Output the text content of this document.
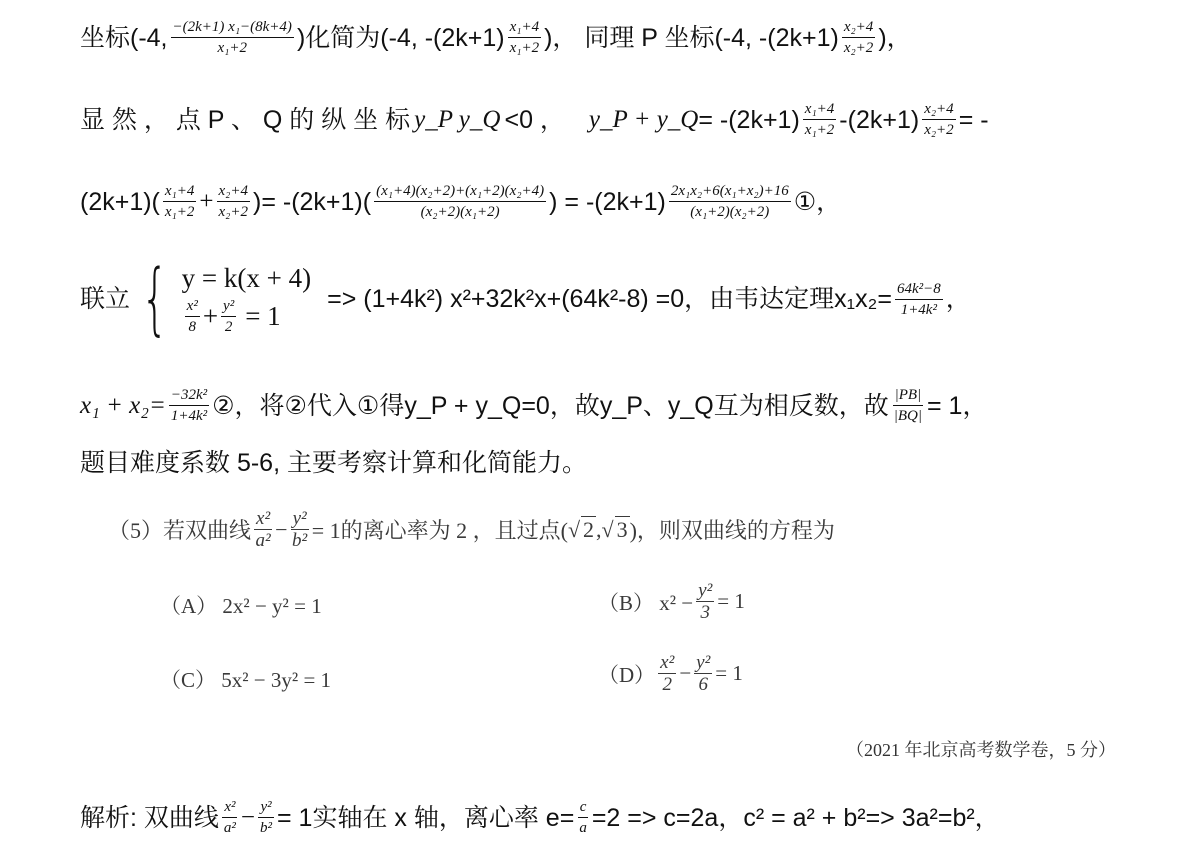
坐标(-4, $\frac{\text{−(2k+1) x₁−(8k+4)}}{\text{x₁+2}}$ )化简为(-4, $-(2k+1) \frac{\text{x₁+4}}{\text{x₁+2}}$ )， 同理 P 坐标(-4, $-(2k+1) \frac{\text{x₂+4}}{\text{x₂+2}}$ )，
显 然 ， 点 P 、 Q 的 纵 坐 标 y_P y_Q <0 ， y_P + y_Q = $-(2k+1) \frac{\text{x₁+4}}{\text{x₁+2}} -(2k+1) \frac{\text{x₂+4}}{\text{x₂+2}}$ = -
$(2k+1)( \frac{\text{x₁+4}}{\text{x₁+2}} + \frac{\text{x₂+4}}{\text{x₂+2}}$ )= $-(2k+1)( \frac{\text{(x₁+4)(x₂+2)+(x₁+2)(x₂+4)}}{\text{(x₂+2)(x₁+2)}}$ ) = $-(2k+1) \frac{\text{2x₁x₂+6(x₁+x₂)+16}}{\text{(x₁+2)(x₂+2)}}$ ①，
联立 { y = k(x + 4)
$\frac{\text{x²}}{8} + \frac{\text{y²}}{2} = 1$
=> (1+4k²) x²+32k²x+(64k²-8) =0，由韦达定理$x_1x_2= \frac{\text{64k²−8}}{\text{1+4k²}}$ ，
$x_1 + x_2= \frac{\text{−32k²}}{\text{1+4k²}}$ ②，将②代入①得y_P + y_Q=0，故y_P、y_Q互为相反数，故 $\frac{|PB|}{|BQ|} = 1$，
题目难度系数 5-6, 主要考察计算和化简能力。
（5）若双曲线 $\frac{\text{x²}}{\text{a²}} - \frac{\text{y²}}{\text{b²}} = 1$的离心率为 2 ，且过点( √ 2 , √ 3 )，则双曲线的方程为
（A） 2x² − y² = 1	（B） $x^2 - \frac{\text{y²}}{3} = 1$
（C） 5x² − 3y² = 1	$(D) \frac{\text{x²}}{2} - \frac{\text{y²}}{6} = 1$
（2021 年北京高考数学卷，5 分）
解析: 双曲线 $\frac{\text{x²}}{\text{a²}} - \frac{\text{y²}}{\text{b²}} = 1$实轴在 x 轴，离心率 $e= \frac{c}{a} =2 => c=2a$，c² = a² + b²=> 3a²=b²，
